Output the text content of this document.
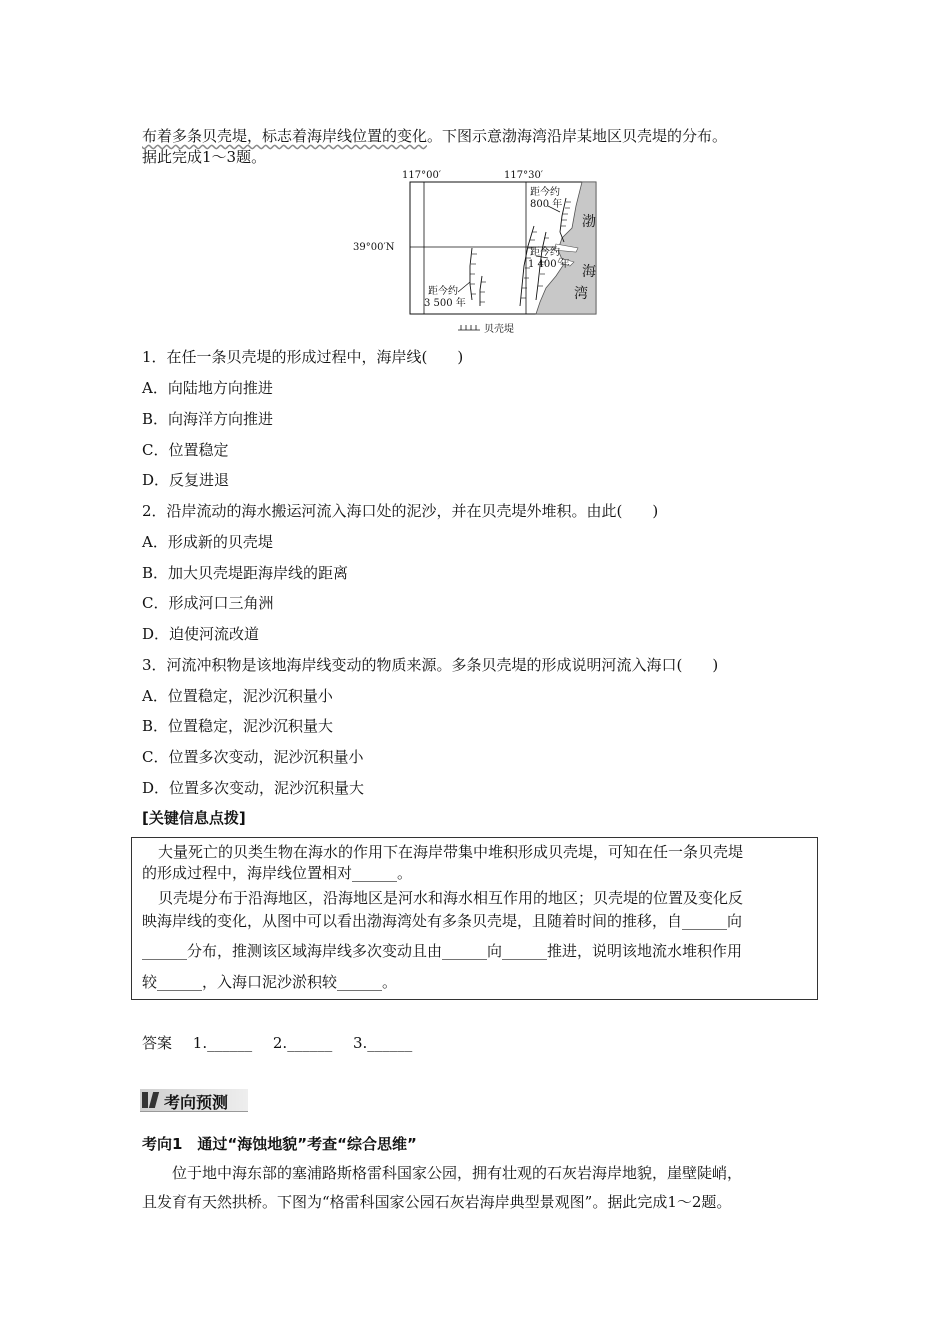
布着多条贝壳堤，标志着海岸线位置的变化。下图示意渤海湾沿岸某地区贝壳堤的分布。
据此完成1～3题。
117°00′	117°30′
39°00′N
距今约
800 年
距今约
1 400 年
距今约
3 500 年
渤
海
湾
贝壳堤
1．在任一条贝壳堤的形成过程中，海岸线(　　)
A．向陆地方向推进
B．向海洋方向推进
C．位置稳定
D．反复进退
2．沿岸流动的海水搬运河流入海口处的泥沙，并在贝壳堤外堆积。由此(　　)
A．形成新的贝壳堤
B．加大贝壳堤距海岸线的距离
C．形成河口三角洲
D．迫使河流改道
3．河流冲积物是该地海岸线变动的物质来源。多条贝壳堤的形成说明河流入海口(　　)
A．位置稳定，泥沙沉积量小
B．位置稳定，泥沙沉积量大
C．位置多次变动，泥沙沉积量小
D．位置多次变动，泥沙沉积量大
[关键信息点拨]
大量死亡的贝类生物在海水的作用下在海岸带集中堆积形成贝壳堤，可知在任一条贝壳堤
的形成过程中，海岸线位置相对______。
贝壳堤分布于沿海地区，沿海地区是河水和海水相互作用的地区；贝壳堤的位置及变化反
映海岸线的变化，从图中可以看出渤海湾处有多条贝壳堤，且随着时间的推移，自______向
______分布，推测该区域海岸线多次变动且由______向______推进，说明该地流水堆积作用
较______，入海口泥沙淤积较______。
答案 1.______ 2.______ 3.______
考向预测
考向1　通过“海蚀地貌”考查“综合思维”
位于地中海东部的塞浦路斯格雷科国家公园，拥有壮观的石灰岩海岸地貌，崖壁陡峭，
且发育有天然拱桥。下图为“格雷科国家公园石灰岩海岸典型景观图”。据此完成1～2题。
